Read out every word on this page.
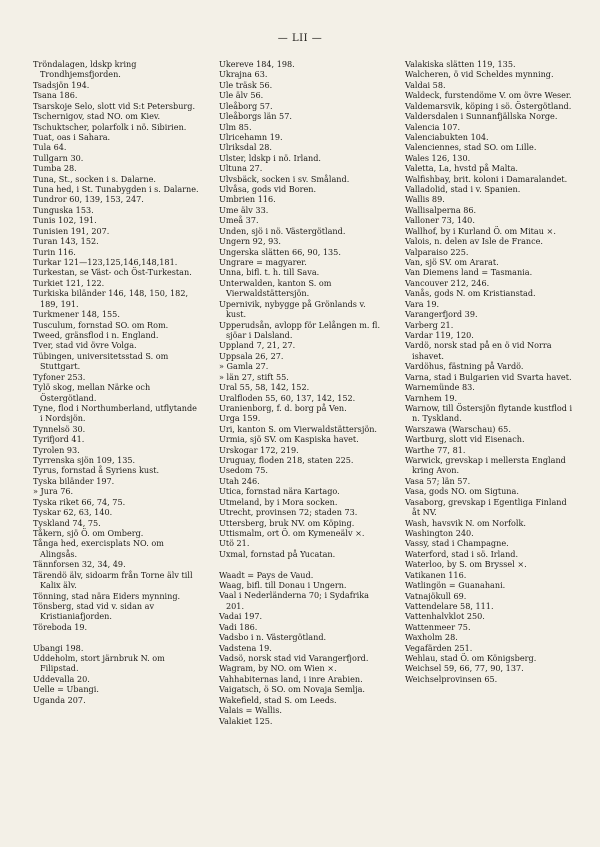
— LII —
Tröndalagen, ldskp kring Trondhjemsfjorden.
Tsadsjön 194.
Tsana 186.
Tsarskoje Selo, slott vid S:t Petersburg.
Tschernigov, stad NO. om Kiev.
Tschuktscher, polarfolk i nö. Sibirien.
Tuat, oas i Sahara.
Tula 64.
Tullgarn 30.
Tumba 28.
Tuna, St., socken i s. Dalarne.
Tuna hed, i St. Tunabygden i s. Dalarne.
Tundror 60, 139, 153, 247.
Tunguska 153.
Tunis 102, 191.
Tunisien 191, 207.
Turan 143, 152.
Turin 116.
Turkar 121—123,125,146,148,181.
Turkestan, se Väst- och Öst-Turkestan.
Turkiet 121, 122.
Turkiska biländer 146, 148, 150, 182, 189, 191.
Turkmener 148, 155.
Tusculum, fornstad SO. om Rom.
Tweed, gränsflod i n. England.
Tver, stad vid övre Volga.
Tübingen, universitetsstad S. om Stuttgart.
Tyfoner 253.
Tylö skog, mellan Närke och Östergötland.
Tyne, flod i Northumberland, utflytande i Nordsjön.
Tynnelsö 30.
Tyrifjord 41.
Tyrolen 93.
Tyrrenska sjön 109, 135.
Tyrus, fornstad å Syriens kust.
Tyska biländer 197.
» Jura 76.
Tyska riket 66, 74, 75.
Tyskar 62, 63, 140.
Tyskland 74, 75.
Tåkern, sjö Ö. om Omberg.
Tånga hed, exercisplats NO. om Alingsås.
Tännforsen 32, 34, 49.
Tärendö älv, sidoarm från Torne älv till Kalix älv.
Tönning, stad nära Eiders mynning.
Tönsberg, stad vid v. sidan av Kristianiafjorden.
Töreboda 19.
Ubangi 198.
Uddeholm, stort järnbruk N. om Filipstad.
Uddevalla 20.
Uelle = Ubangi.
Uganda 207.
Ukereve 184, 198.
Ukrajna 63.
Ule träsk 56.
Ule älv 56.
Uleåborg 57.
Uleåborgs län 57.
Ulm 85.
Ulricehamn 19.
Ulriksdal 28.
Ulster, ldskp i nö. Irland.
Ultuna 27.
Ulvsbäck, socken i sv. Småland.
Ulvåsa, gods vid Boren.
Umbrien 116.
Ume älv 33.
Umeå 37.
Unden, sjö i nö. Västergötland.
Ungern 92, 93.
Ungerska slätten 66, 90, 135.
Ungrare = magyarer.
Unna, bifl. t. h. till Sava.
Unterwalden, kanton S. om Vierwaldstättersjön.
Upernivik, nybygge på Grönlands v. kust.
Upperudsån, avlopp för Lelången m. fl. sjöar i Dalsland.
Uppland 7, 21, 27.
Uppsala 26, 27.
» Gamla 27.
» län 27, stift 55.
Ural 55, 58, 142, 152.
Uralfloden 55, 60, 137, 142, 152.
Uranienborg, f. d. borg på Ven.
Urga 159.
Uri, kanton S. om Vierwaldstättersjön.
Urmia, sjö SV. om Kaspiska havet.
Urskogar 172, 219.
Uruguay, floden 218, staten 225.
Usedom 75.
Utah 246.
Utica, fornstad nära Kartago.
Utmeland, by i Mora socken.
Utrecht, provinsen 72; staden 73.
Uttersberg, bruk NV. om Köping.
Uttismalm, ort Ö. om Kymeneälv ⨯.
Utö 21.
Uxmal, fornstad på Yucatan.
Waadt = Pays de Vaud.
Waag, bifl. till Donau i Ungern.
Vaal i Nederländerna 70; i Sydafrika 201.
Vadai 197.
Vadi 186.
Vadsbo i n. Västergötland.
Vadstena 19.
Vadsö, norsk stad vid Varangerfjord.
Wagram, by NO. om Wien ⨯.
Vahhabiternas land, i inre Arabien.
Vaigatsch, ö SO. om Novaja Semlja.
Wakefield, stad S. om Leeds.
Valais = Wallis.
Valakiet 125.
Valakiska slätten 119, 135.
Walcheren, ö vid Scheldes mynning.
Valdai 58.
Waldeck, furstendöme V. om övre Weser.
Valdemarsvik, köping i sö. Östergötland.
Valdersdalen i Sunnanfjällska Norge.
Valencia 107.
Valenciabukten 104.
Valenciennes, stad SO. om Lille.
Wales 126, 130.
Valetta, La, hvstd på Malta.
Walfishbay, brit. koloni i Damaralandet.
Valladolid, stad i v. Spanien.
Wallis 89.
Wallisalperna 86.
Valloner 73, 140.
Wallhof, by i Kurland Ö. om Mitau ⨯.
Valois, n. delen av Isle de France.
Valparaiso 225.
Van, sjö SV. om Ararat.
Van Diemens land = Tasmania.
Vancouver 212, 246.
Vanås, gods N. om Kristianstad.
Vara 19.
Varangerfjord 39.
Varberg 21.
Vardar 119, 120.
Vardö, norsk stad på en ö vid Norra ishavet.
Vardöhus, fästning på Vardö.
Varna, stad i Bulgarien vid Svarta havet.
Warnemünde 83.
Varnhem 19.
Warnow, till Östersjön flytande kustflod i n. Tyskland.
Warszawa (Warschau) 65.
Wartburg, slott vid Eisenach.
Warthe 77, 81.
Warwick, grevskap i mellersta England kring Avon.
Vasa 57; län 57.
Vasa, gods NO. om Sigtuna.
Vasaborg, grevskap i Egentliga Finland åt NV.
Wash, havsvik N. om Norfolk.
Washington 240.
Vassy, stad i Champagne.
Waterford, stad i sö. Irland.
Waterloo, by S. om Bryssel ⨯.
Vatikanen 116.
Watlingön = Guanahani.
Vatnajökull 69.
Vattendelare 58, 111.
Vattenhalvklot 250.
Wattenmeer 75.
Waxholm 28.
Vegafärden 251.
Wehlau, stad Ö. om Königsberg.
Weichsel 59, 66, 77, 90, 137.
Weichselprovinsen 65.
